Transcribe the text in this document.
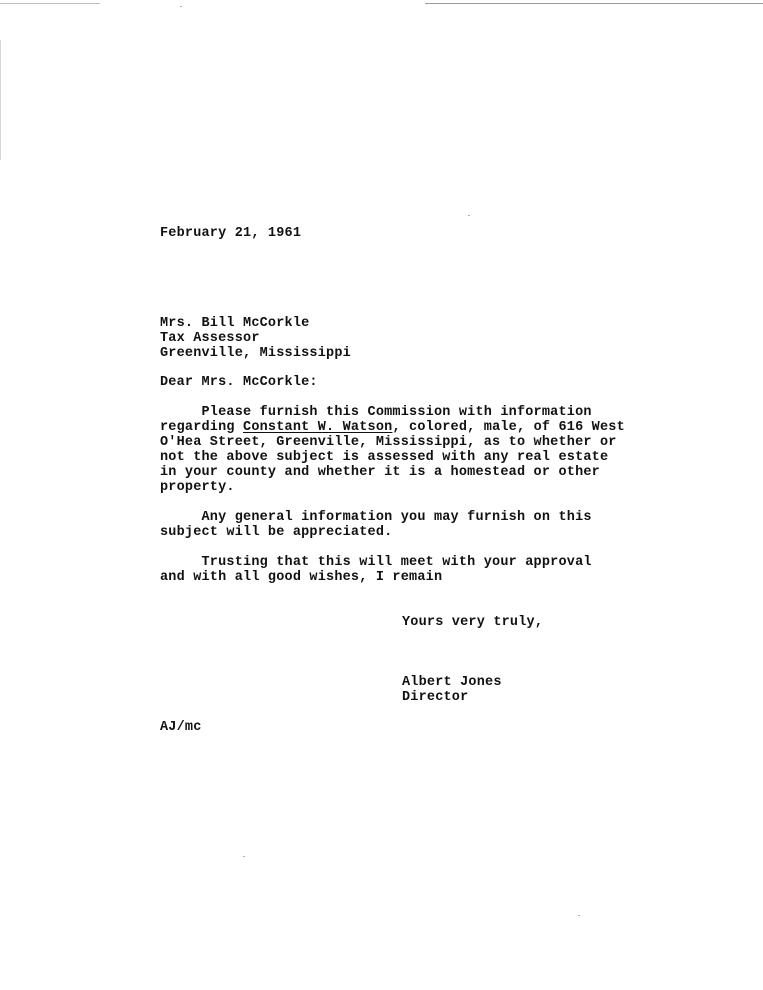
February 21, 1961
Mrs. Bill McCorkle
Tax Assessor
Greenville, Mississippi
Dear Mrs. McCorkle:
Please furnish this Commission with information
regarding Constant W. Watson, colored, male, of 616 West
O'Hea Street, Greenville, Mississippi, as to whether or
not the above subject is assessed with any real estate
in your county and whether it is a homestead or other
property.
Any general information you may furnish on this
subject will be appreciated.
Trusting that this will meet with your approval
and with all good wishes, I remain
Yours very truly,
Albert Jones
Director
AJ/mc
